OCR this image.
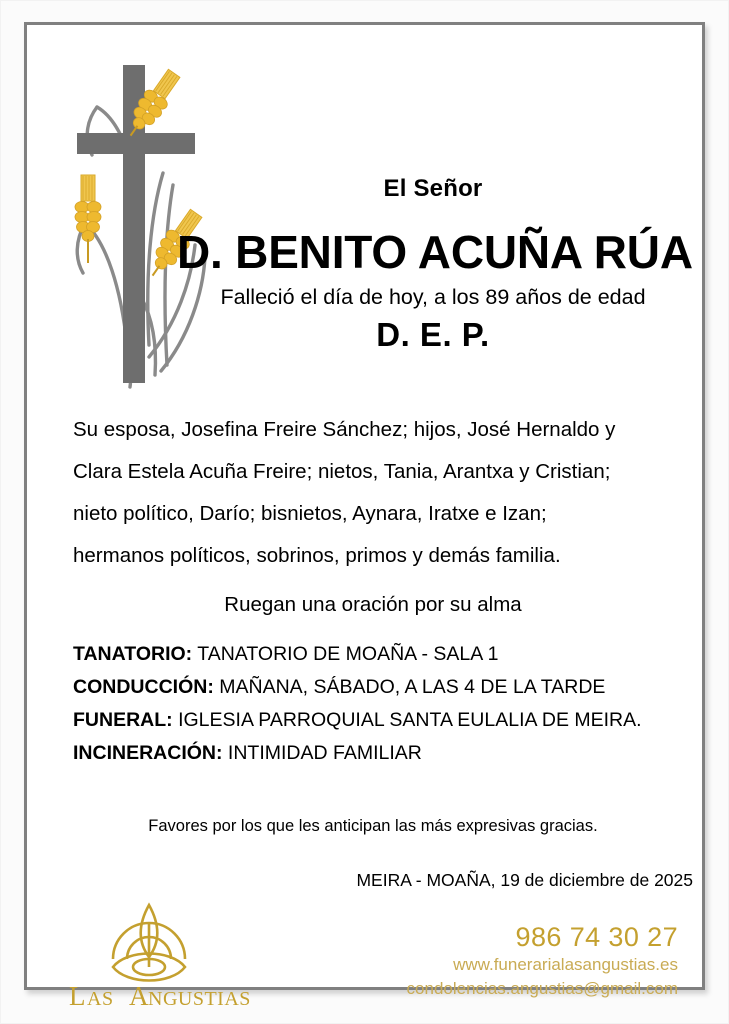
El Señor

D. BENITO ACUÑA RÚA

Falleció el día de hoy, a los 89 años de edad

D. E. P.

Su esposa, Josefina Freire Sánchez; hijos, José Hernaldo y
Clara Estela Acuña Freire; nietos, Tania, Arantxa y Cristian;
nieto político, Darío; bisnietos, Aynara, Iratxe e Izan;
hermanos políticos, sobrinos, primos y demás familia.
Ruegan una oración por su alma
TANATORIO: TANATORIO DE MOAÑA - SALA 1
CONDUCCIÓN: MAÑANA, SÁBADO, A LAS 4 DE LA TARDE
FUNERAL: IGLESIA PARROQUIAL SANTA EULALIA DE MEIRA.
INCINERACIÓN: INTIMIDAD FAMILIAR
Favores por los que les anticipan las más expresivas gracias.
MEIRA - MOAÑA, 19 de diciembre de 2025
L AS A NGUSTIAS
986 74 30 27
www.funerarialasangustias.es
condolencias.angustias@gmail.com
